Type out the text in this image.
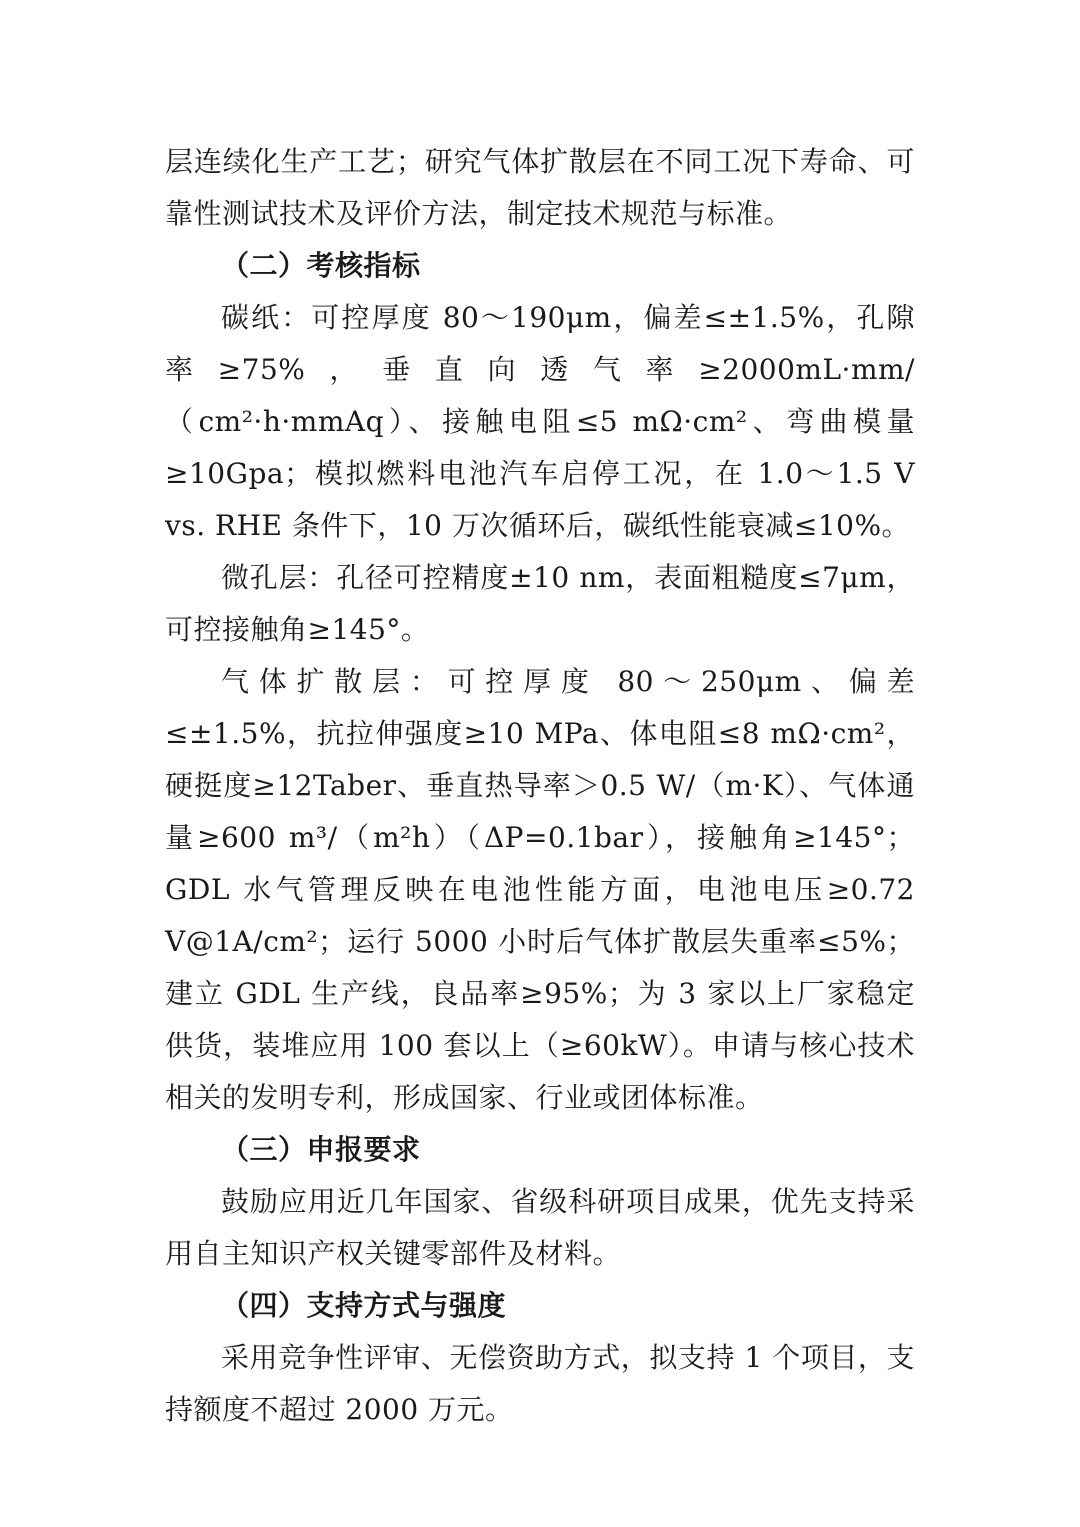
层连续化生产工艺；研究气体扩散层在不同工况下寿命、可靠性测试技术及评价方法，制定技术规范与标准。

（二）考核指标

碳纸：可控厚度 80～190μm，偏差≤±1.5%，孔隙率≥75%，垂直向透气率≥2000mL·mm/（cm²·h·mmAq）、接触电阻≤5 mΩ·cm²、弯曲模量≥10Gpa；模拟燃料电池汽车启停工况，在 1.0～1.5 V vs. RHE 条件下，10 万次循环后，碳纸性能衰减≤10%。

微孔层：孔径可控精度±10 nm，表面粗糙度≤7μm，可控接触角≥145°。

气体扩散层：可控厚度 80～250μm、偏差≤±1.5%，抗拉伸强度≥10 MPa、体电阻≤8 mΩ·cm²，硬挺度≥12Taber、垂直热导率＞0.5 W/（m·K）、气体通量≥600 m³/（m²h）（ΔP=0.1bar），接触角≥145°；GDL 水气管理反映在电池性能方面，电池电压≥0.72 V@1A/cm²；运行 5000 小时后气体扩散层失重率≤5%；建立 GDL 生产线，良品率≥95%；为 3 家以上厂家稳定供货，装堆应用 100 套以上（≥60kW）。申请与核心技术相关的发明专利，形成国家、行业或团体标准。

（三）申报要求

鼓励应用近几年国家、省级科研项目成果，优先支持采用自主知识产权关键零部件及材料。

（四）支持方式与强度

采用竞争性评审、无偿资助方式，拟支持 1 个项目，支持额度不超过 2000 万元。
